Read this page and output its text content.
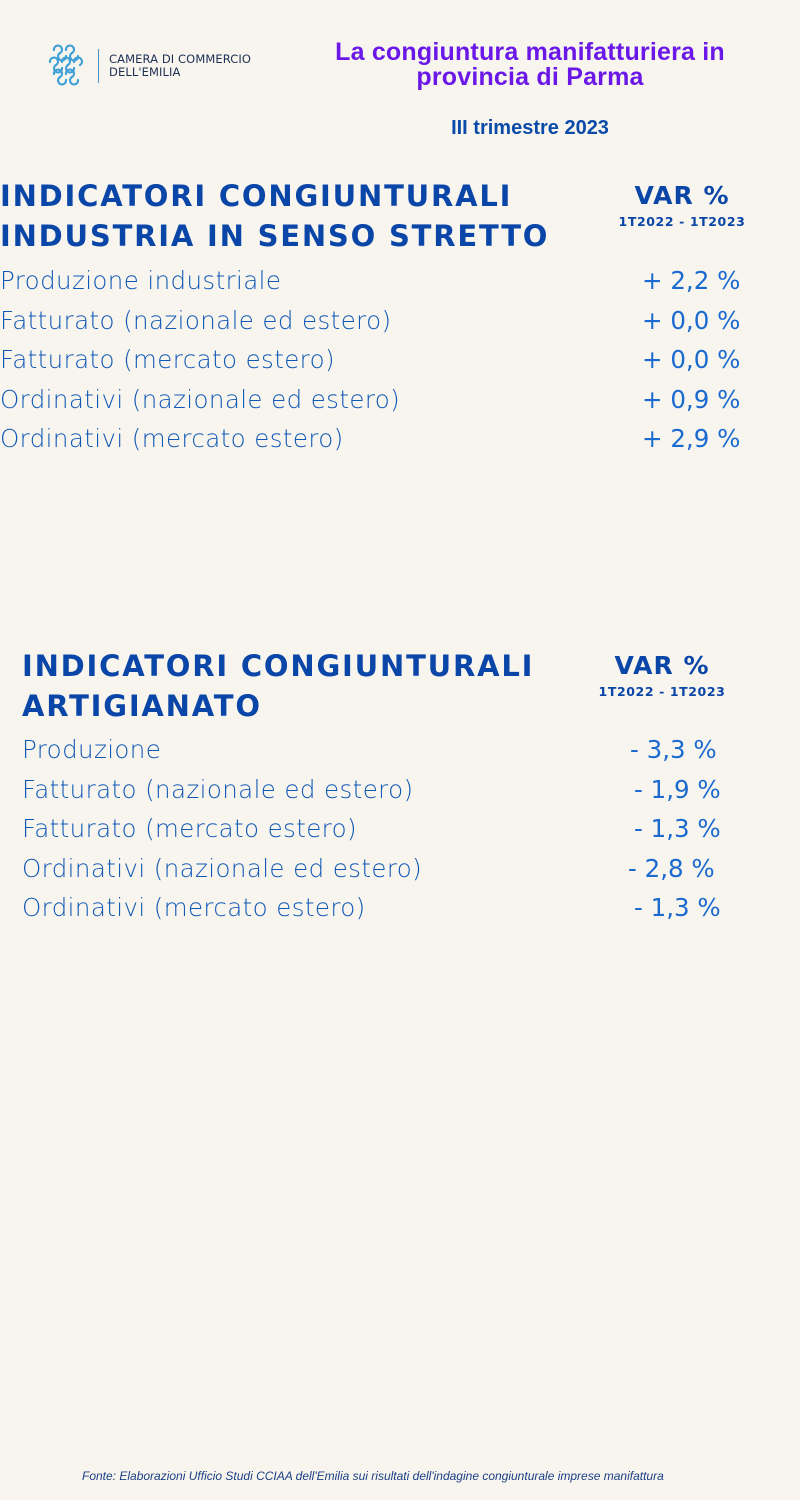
CAMERA DI COMMERCIO
DELL'EMILIA
La congiuntura manifatturiera in
provincia di Parma
III trimestre 2023
INDICATORI CONGIUNTURALI
INDUSTRIA IN SENSO STRETTO
VAR %
1T2022 - 1T2023
Produzione industriale	+ 2,2 %
Fatturato (nazionale ed estero)	+ 0,0 %
Fatturato (mercato estero)	+ 0,0 %
Ordinativi (nazionale ed estero)	+ 0,9 %
Ordinativi (mercato estero)	+ 2,9 %
INDICATORI CONGIUNTURALI
ARTIGIANATO
VAR %
1T2022 - 1T2023
Produzione	- 3,3 %
Fatturato (nazionale ed estero)	- 1,9 %
Fatturato (mercato estero)	- 1,3 %
Ordinativi (nazionale ed estero)	- 2,8 %
Ordinativi (mercato estero)	- 1,3 %
Fonte: Elaborazioni Ufficio Studi CCIAA dell'Emilia sui risultati dell'indagine congiunturale imprese manifattura
